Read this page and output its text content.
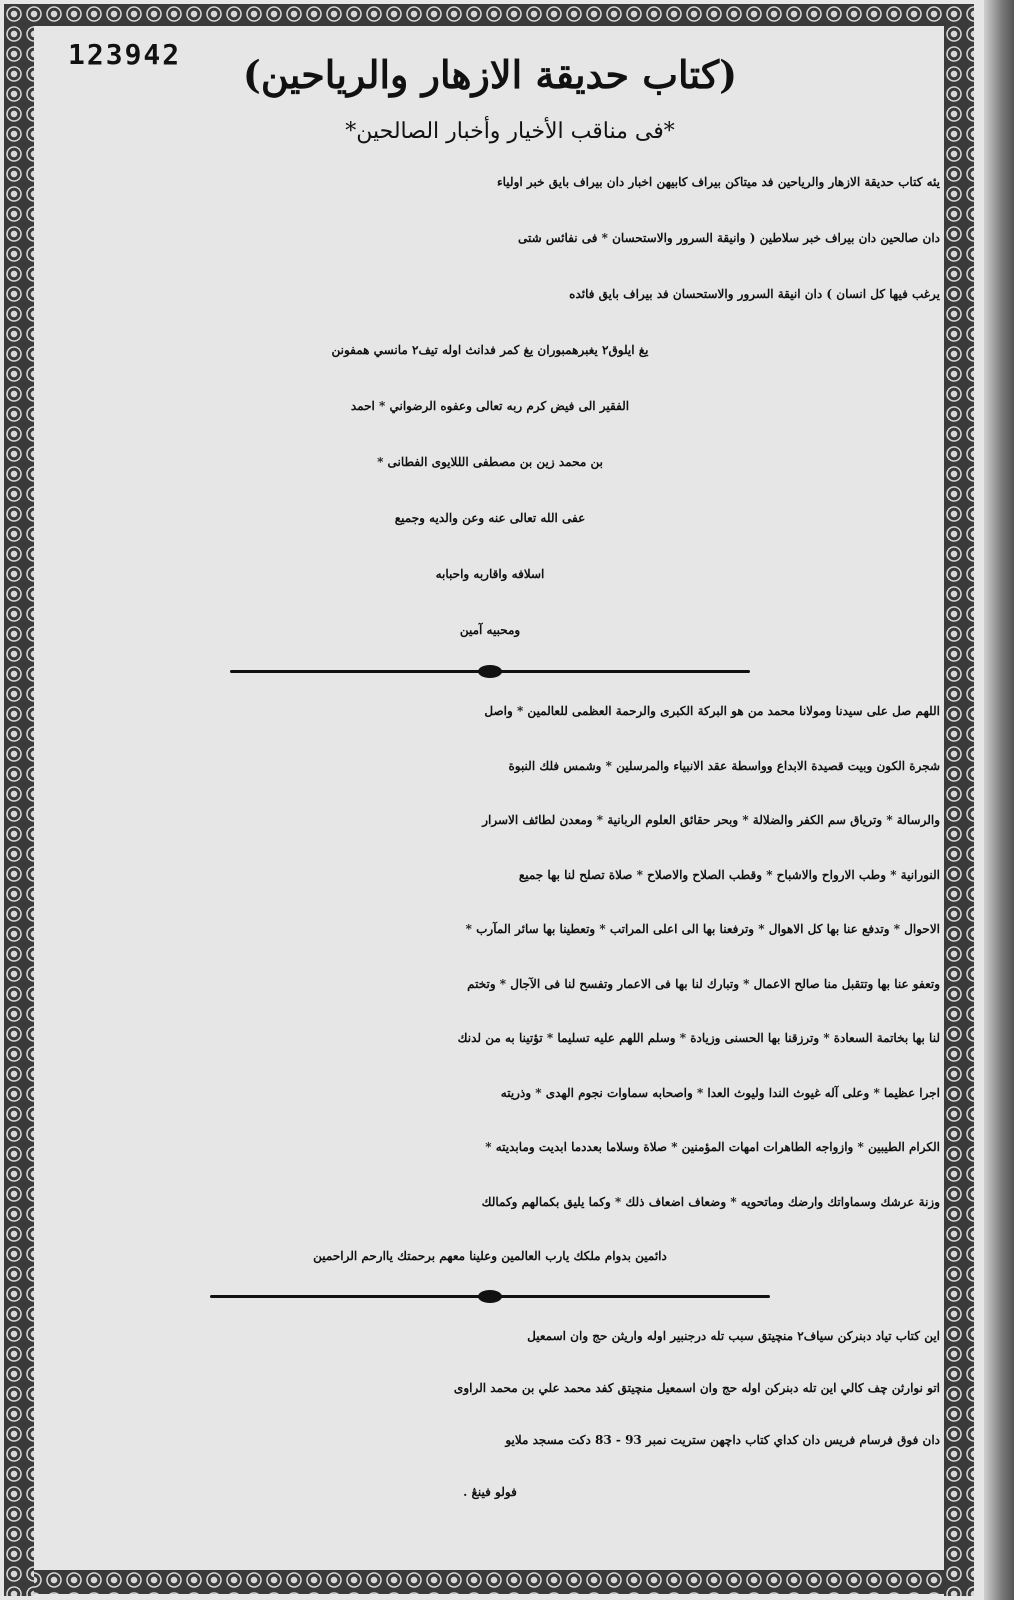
123942	(كتاب حديقة الازهار والرياحين)
*فى مناقب الأخيار وأخبار الصالحين*

يئه كتاب حديقة الازهار والرياحين فد ميتاكن بيراف كابيهن اخبار دان بيراف بايق خبر اولياء

دان صالحين دان بيراف خبر سلاطين ( وانيقة السرور والاستحسان * فى نفائس شتى

يرغب فيها كل انسان ) دان انيقة السرور والاستحسان فد بيراف بايق فائده

يغ ايلوق٢ يغبرهمبوران يغ كمر فدانث اوله تيف٢ مانسي همفونن

الفقير الى فيض كرم ربه تعالى وعفوه الرضواني * احمد

بن محمد زين بن مصطفى الللايوى الفطانى *

عفى الله تعالى عنه وعن والديه وجميع

اسلافه واقاربه واحبابه

ومحبيه آمين

اللهم صل على سيدنا ومولانا محمد من هو البركة الكبرى والرحمة العظمى للعالمين * واصل

شجرة الكون وبيت قصيدة الابداع وواسطة عقد الانبياء والمرسلين * وشمس فلك النبوة

والرسالة * وترياق سم الكفر والضلالة * وبحر حقائق العلوم الربانية * ومعدن لطائف الاسرار

النورانية * وطب الارواح والاشباح * وقطب الصلاح والاصلاح * صلاة تصلح لنا بها جميع

الاحوال * وتدفع عنا بها كل الاهوال * وترفعنا بها الى اعلى المراتب * وتعطينا بها سائر المآرب *

وتعفو عنا بها وتتقبل منا صالح الاعمال * وتبارك لنا بها فى الاعمار وتفسح لنا فى الآجال * وتختم

لنا بها بخاتمة السعادة * وترزقنا بها الحسنى وزيادة * وسلم اللهم عليه تسليما * تؤتينا به من لدنك

اجرا عظيما * وعلى آله غيوث الندا وليوث العدا * واصحابه سماوات نجوم الهدى * وذريته

الكرام الطيبين * وازواجه الطاهرات امهات المؤمنين * صلاة وسلاما بعددما ابديت ومابديته *

وزنة عرشك وسماواتك وارضك وماتحويه * وضعاف اضعاف ذلك * وكما يليق بكمالهم وكمالك

دائمين بدوام ملكك يارب العالمين وعلينا معهم برحمتك ياارحم الراحمين

اين كتاب تياد دبنركن سياف٢ منچيتق سبب تله درجنبير اوله واريثن حج وان اسمعيل

اتو نوارثن چف كالي اين تله دبنركن اوله حج وان اسمعيل منچيتق كفد محمد علي بن محمد الراوى

دان فوق فرسام فريس دان كداي كتاب داچهن ستريت نمبر 93 - 83 دكت مسجد ملايو

فولو فينڠ .
